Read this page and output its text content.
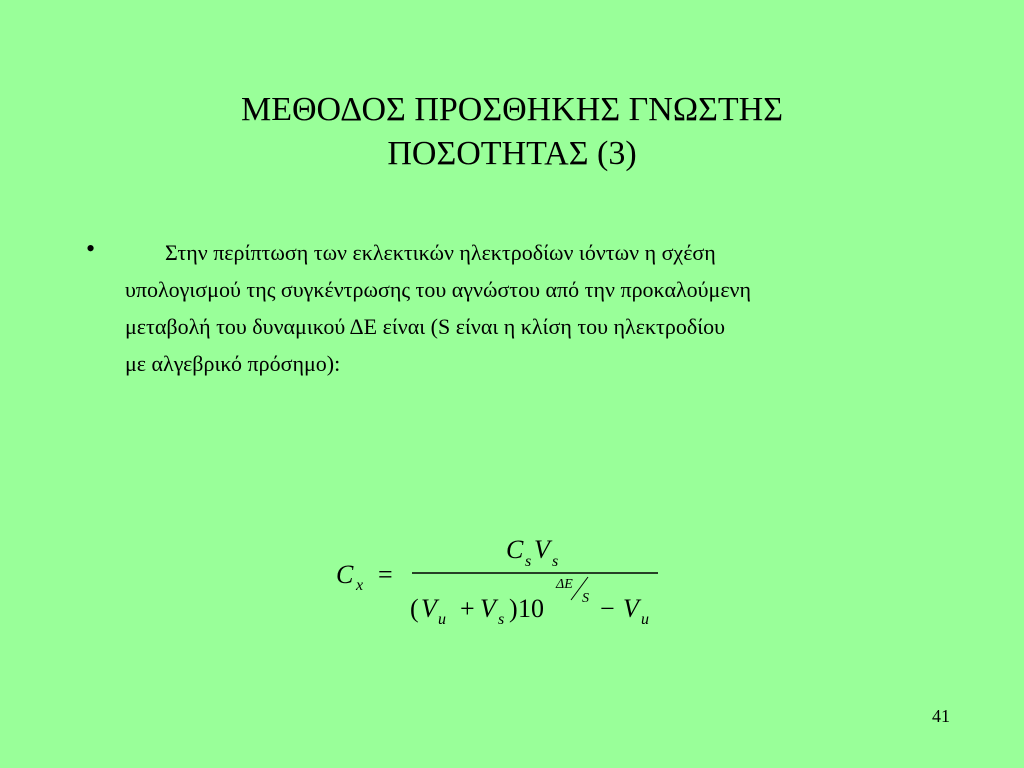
ΜΕΘΟΔΟΣ ΠΡΟΣΘΗΚΗΣ ΓΝΩΣΤΗΣ
ΠΟΣΟΤΗΤΑΣ (3)
•	Στην περίπτωση των εκλεκτικών ηλεκτροδίων ιόντων η σχέση
υπολογισμού της συγκέντρωσης του αγνώστου από την προκαλούμενη
μεταβολή του δυναμικού ΔΕ είναι (S είναι η κλίση του ηλεκτροδίου
με αλγεβρικό πρόσημο):
C x =
C s V s
( V u + V s ) 10
ΔE
S − V u
41
